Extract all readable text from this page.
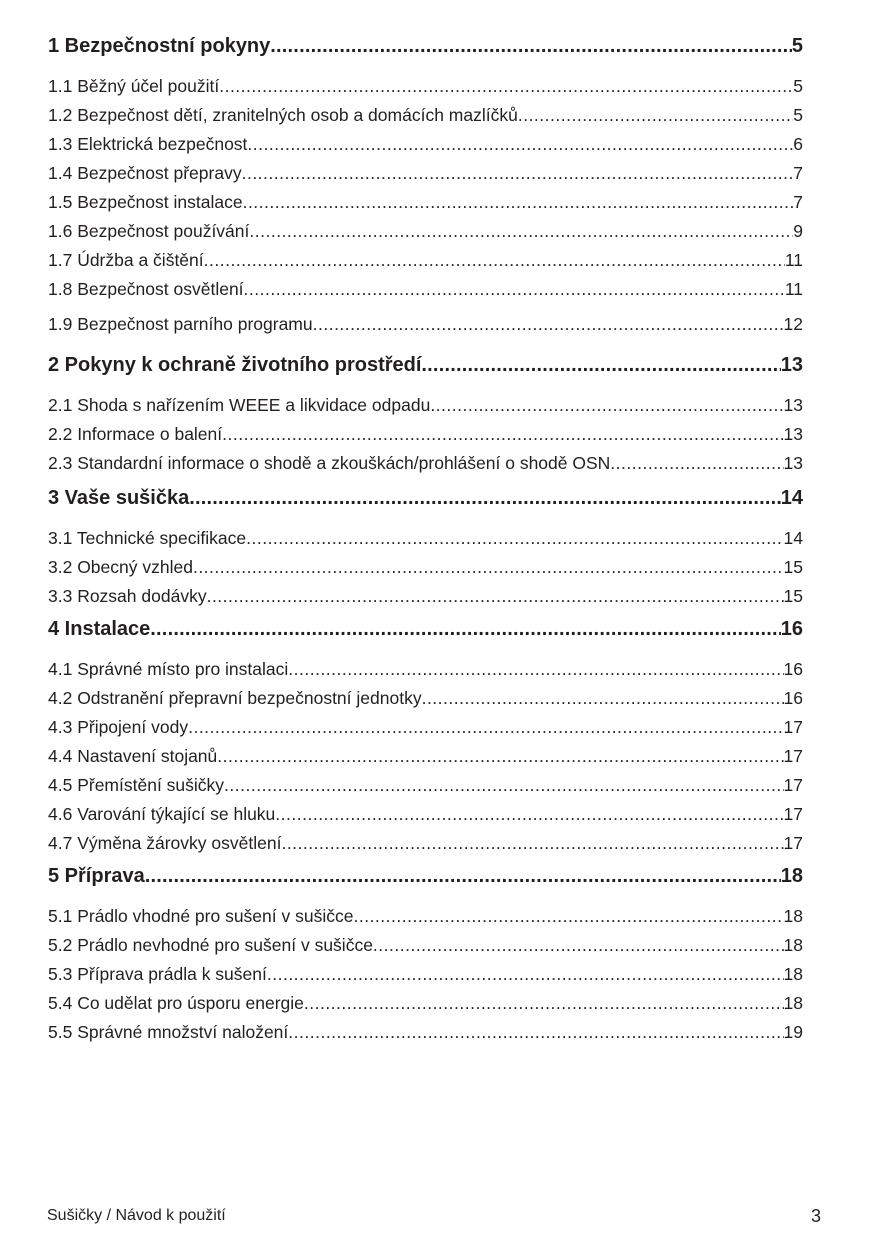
1 Bezpečnostní pokyny .....	5
1.1 Běžný účel použití .....	5
1.2 Bezpečnost dětí, zranitelných osob a domácích mazlíčků .....	5
1.3 Elektrická bezpečnost .....	6
1.4 Bezpečnost přepravy .....	7
1.5 Bezpečnost instalace .....	7
1.6 Bezpečnost používání .....	9
1.7 Údržba a čištění .....	11
1.8 Bezpečnost osvětlení .....	11
1.9 Bezpečnost parního programu .....	12
2 Pokyny k ochraně životního prostředí .....	13
2.1 Shoda s nařízením WEEE a likvidace odpadu .....	13
2.2 Informace o balení .....	13
2.3 Standardní informace o shodě a zkouškách/prohlášení o shodě OSN .....	13
3 Vaše sušička .....	14
3.1 Technické specifikace .....	14
3.2 Obecný vzhled .....	15
3.3 Rozsah dodávky .....	15
4 Instalace .....	16
4.1 Správné místo pro instalaci .....	16
4.2 Odstranění přepravní bezpečnostní jednotky .....	16
4.3 Připojení vody .....	17
4.4 Nastavení stojanů .....	17
4.5 Přemístění sušičky .....	17
4.6 Varování týkající se hluku .....	17
4.7 Výměna žárovky osvětlení .....	17
5 Příprava .....	18
5.1 Prádlo vhodné pro sušení v sušičce .....	18
5.2 Prádlo nevhodné pro sušení v sušičce .....	18
5.3 Příprava prádla k sušení .....	18
5.4 Co udělat pro úsporu energie .....	18
5.5 Správné množství naložení .....	19
Sušičky / Návod k použití	3
